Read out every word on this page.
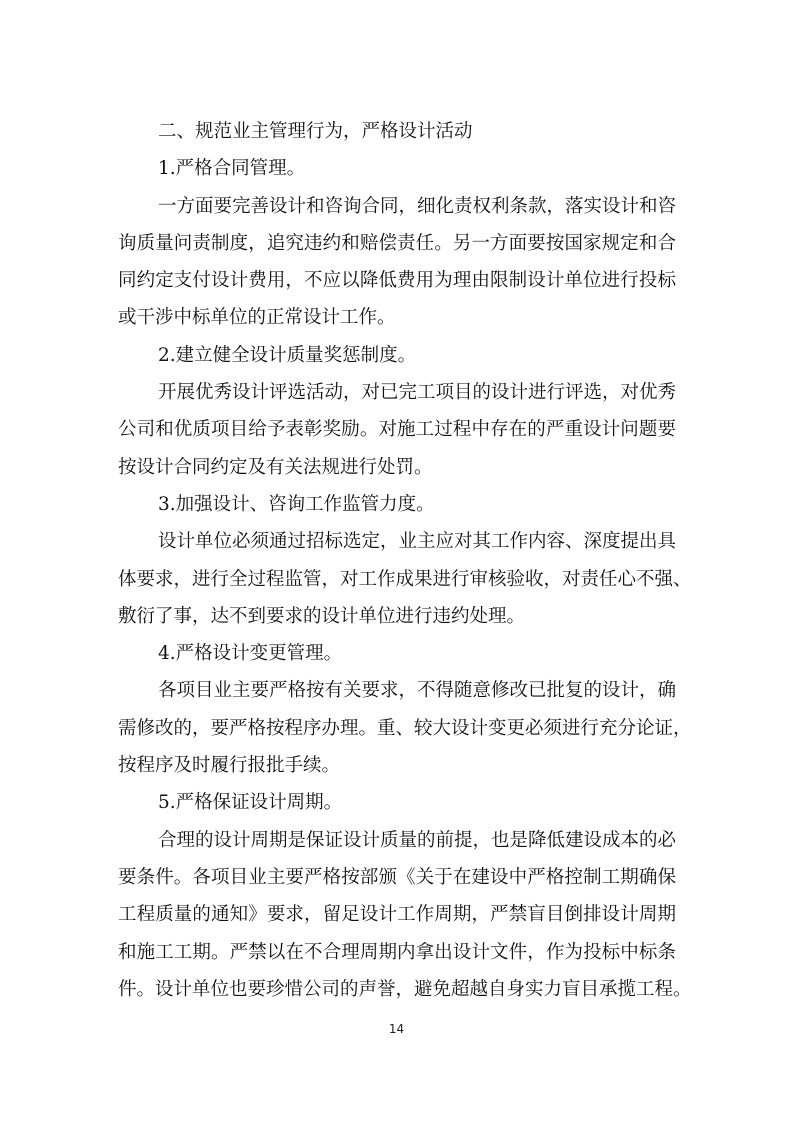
二、规范业主管理行为，严格设计活动
1.严格合同管理。
一方面要完善设计和咨询合同，细化责权利条款，落实设计和咨
询质量问责制度，追究违约和赔偿责任。另一方面要按国家规定和合
同约定支付设计费用，不应以降低费用为理由限制设计单位进行投标
或干涉中标单位的正常设计工作。
2.建立健全设计质量奖惩制度。
开展优秀设计评选活动，对已完工项目的设计进行评选，对优秀
公司和优质项目给予表彰奖励。对施工过程中存在的严重设计问题要
按设计合同约定及有关法规进行处罚。
3.加强设计、咨询工作监管力度。
设计单位必须通过招标选定，业主应对其工作内容、深度提出具
体要求，进行全过程监管，对工作成果进行审核验收，对责任心不强、
敷衍了事，达不到要求的设计单位进行违约处理。
4.严格设计变更管理。
各项目业主要严格按有关要求，不得随意修改已批复的设计，确
需修改的，要严格按程序办理。重、较大设计变更必须进行充分论证，
按程序及时履行报批手续。
5.严格保证设计周期。
合理的设计周期是保证设计质量的前提，也是降低建设成本的必
要条件。各项目业主要严格按部颁《关于在建设中严格控制工期确保
工程质量的通知》要求，留足设计工作周期，严禁盲目倒排设计周期
和施工工期。严禁以在不合理周期内拿出设计文件，作为投标中标条
件。设计单位也要珍惜公司的声誉，避免超越自身实力盲目承揽工程。
14
